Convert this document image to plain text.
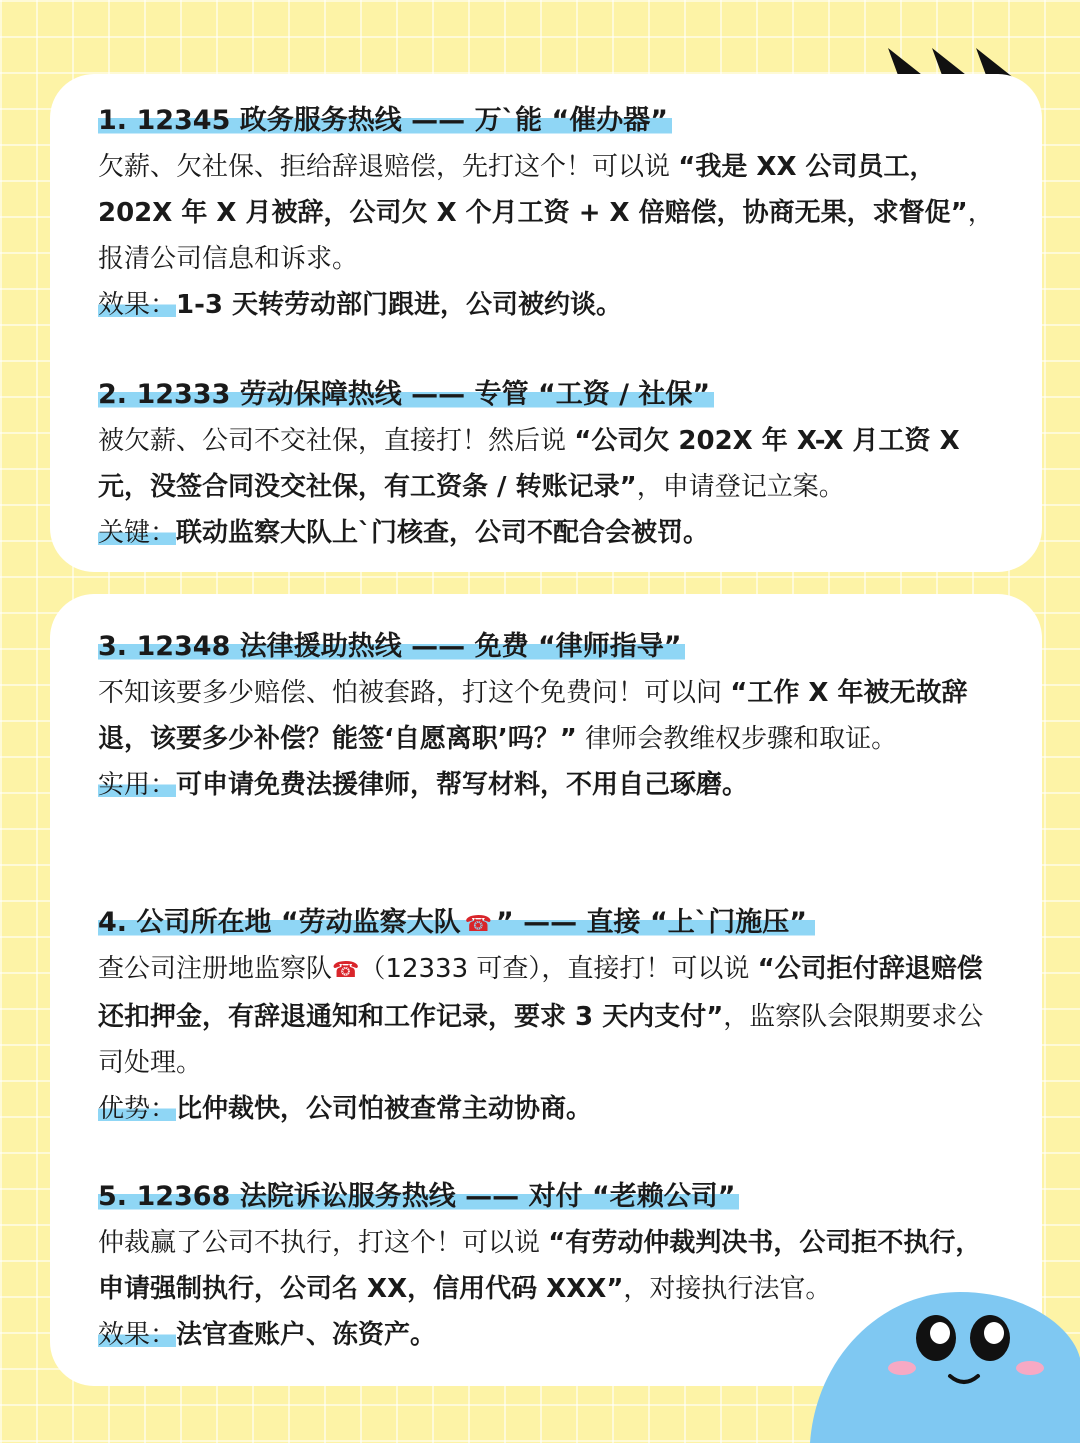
1. 12345 政务服务热线 —— 万`能 “催办器”
欠薪、欠社保、拒给辞退赔偿，先打这个！可以说 “我是 XX 公司员工，202X 年 X 月被辞，公司欠 X 个月工资 + X 倍赔偿，协商无果，求督促”，报清公司信息和诉求。
效果：1-3 天转劳动部门跟进，公司被约谈。
2. 12333 劳动保障热线 —— 专管 “工资 / 社保”
被欠薪、公司不交社保，直接打！然后说 “公司欠 202X 年 X-X 月工资 X 元，没签合同没交社保，有工资条 / 转账记录”，申请登记立案。
关键：联动监察大队上`门核查，公司不配合会被罚。
3. 12348 法律援助热线 —— 免费 “律师指导”
不知该要多少赔偿、怕被套路，打这个免费问！可以问 “工作 X 年被无故辞退，该要多少补偿？能签‘自愿离职’吗？” 律师会教维权步骤和取证。
实用：可申请免费法援律师，帮写材料，不用自己琢磨。
4. 公司所在地 “劳动监察大队 ☎ ” —— 直接 “上`门施压”
查公司注册地监察队☎（12333 可查），直接打！可以说 “公司拒付辞退赔偿还扣押金，有辞退通知和工作记录，要求 3 天内支付”，监察队会限期要求公司处理。
优势：比仲裁快，公司怕被查常主动协商。
5. 12368 法院诉讼服务热线 —— 对付 “老赖公司”
仲裁赢了公司不执行，打这个！可以说 “有劳动仲裁判决书，公司拒不执行，申请强制执行，公司名 XX，信用代码 XXX”，对接执行法官。
效果：法官查账户、冻资产。
